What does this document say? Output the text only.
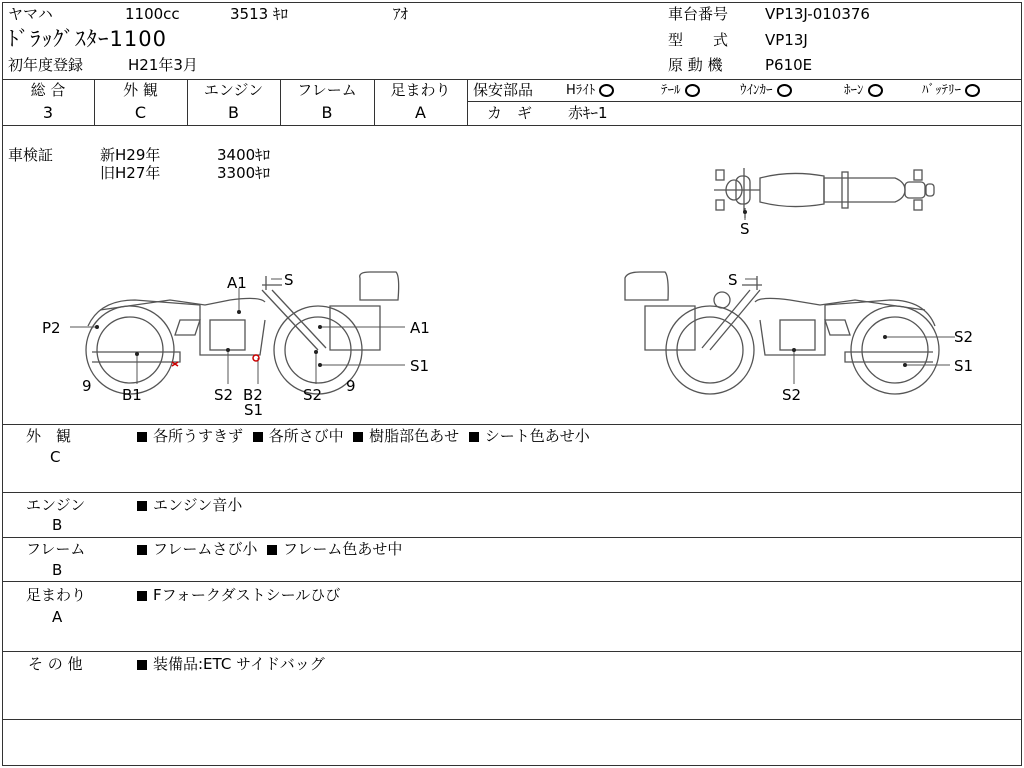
ヤマハ	1100cc	3513 ｷﾛ	ｱｵ
ﾄﾞﾗｯｸﾞｽﾀｰ1100
初年度登録	H21年3月
車台番号 VP13J-010376
型　　式 VP13J
原 動 機	P610E
総 合	外 観	エンジン	フレーム	足まわり
3	C	B	B	A
保安部品	Hﾗｲﾄ	ﾃｰﾙ	ｳｲﾝｶｰ	ﾎｰﾝ	ﾊﾞｯﾃﾘｰ
カ　ギ 赤ｷｰ1
車検証	新H29年	3400ｷﾛ
旧H27年	3300ｷﾛ
S
A1 S
P2	A1
S1
9 B1	S2 B2
S1
S2 9
S
S2
S1
S2
外　観
C
各所うすきず 各所さび中 樹脂部色あせ シート色あせ小
エンジン
B
エンジン音小
フレーム
B
フレームさび小 フレーム色あせ中
足まわり
A
Fフォークダストシールひび
そ の 他	装備品:ETC サイドバッグ
